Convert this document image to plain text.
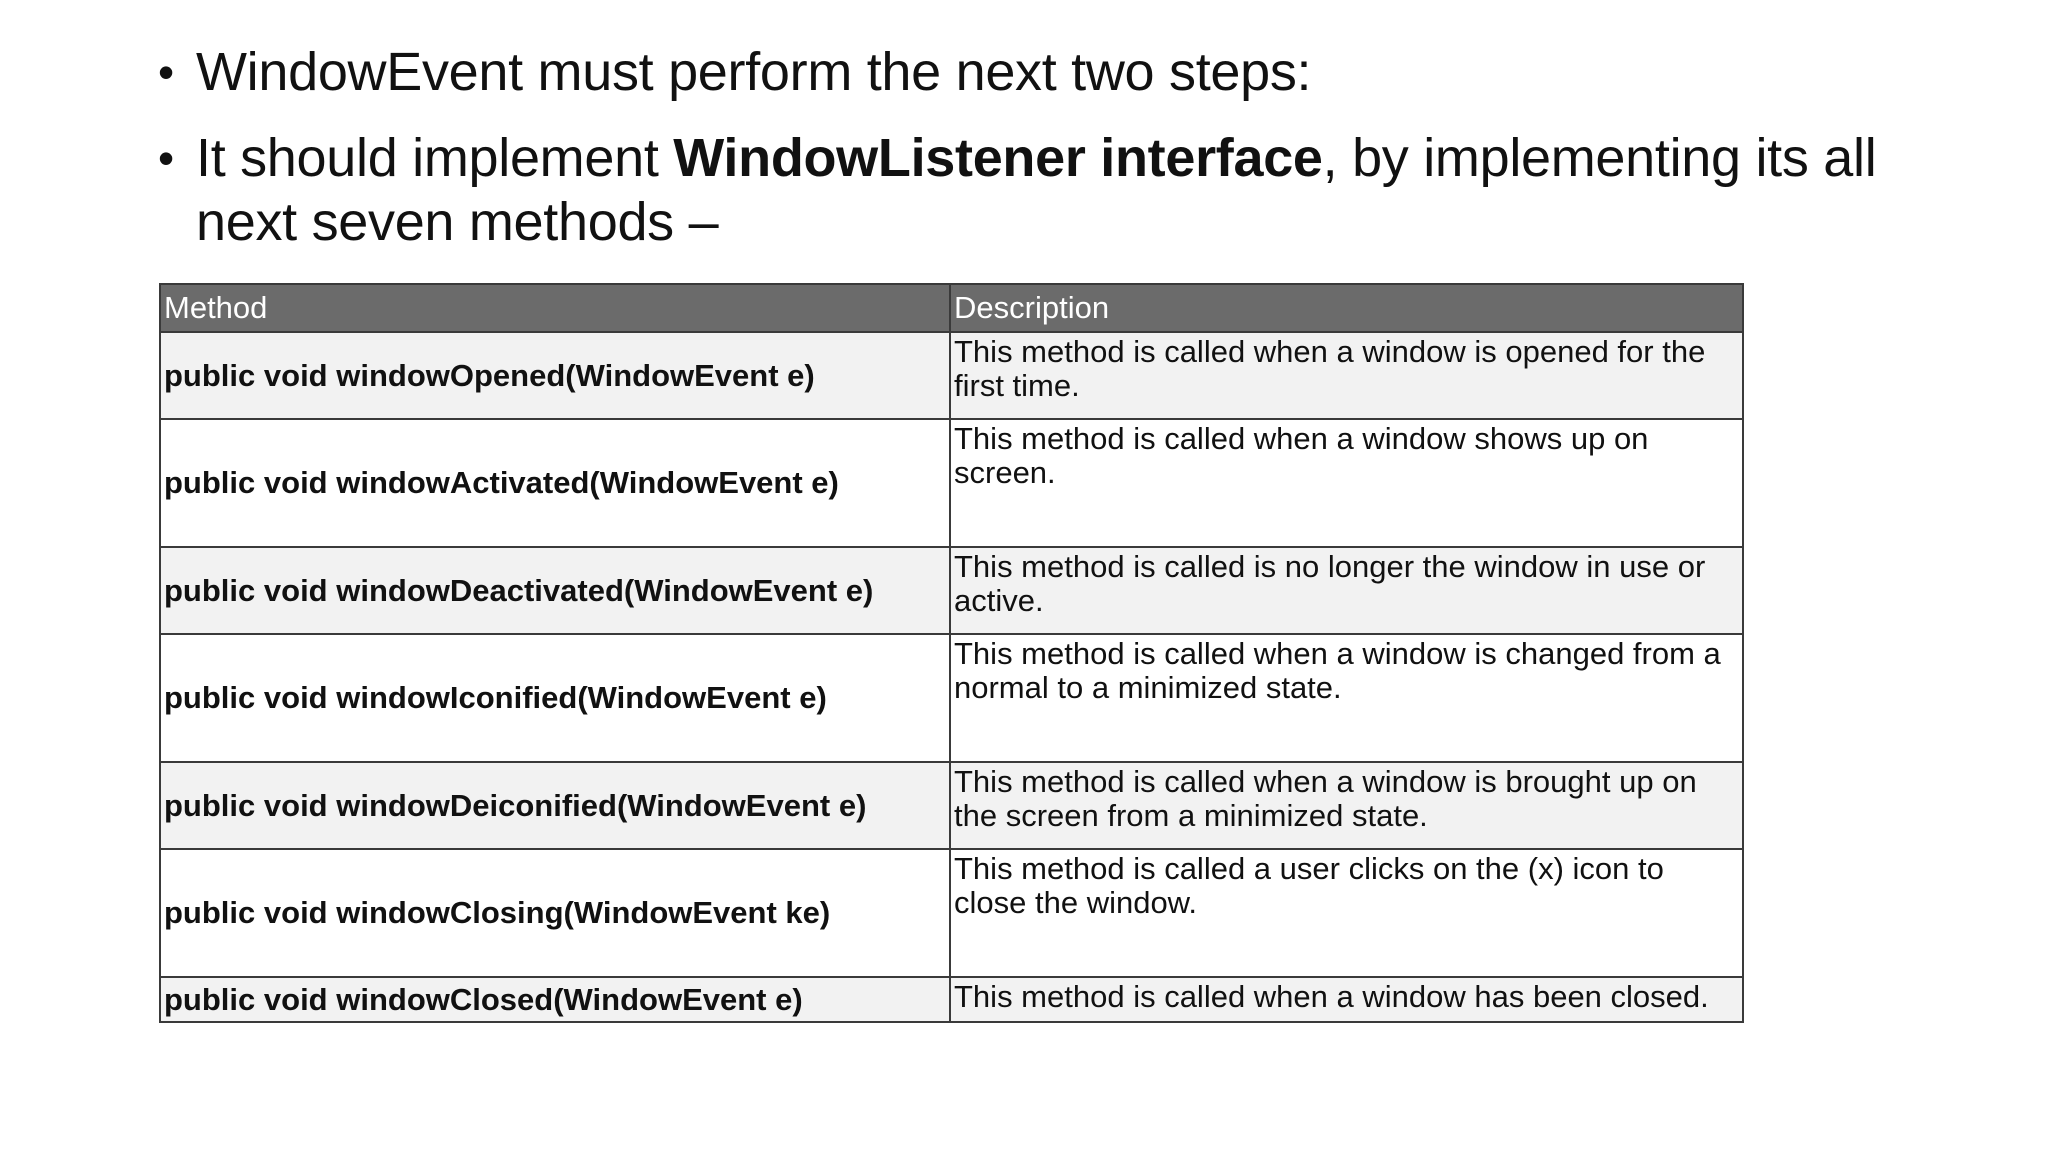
• WindowEvent must perform the next two steps:
• It should implement WindowListener interface, by implementing its all next seven methods –
Method	Description
public void windowOpened(WindowEvent e)	This method is called when a window is opened for the first time.
public void windowActivated(WindowEvent e)	This method is called when a window shows up on screen.
public void windowDeactivated(WindowEvent e)	This method is called is no longer the window in use or active.
public void windowIconified(WindowEvent e)	This method is called when a window is changed from a normal to a minimized state.
public void windowDeiconified(WindowEvent e)	This method is called when a window is brought up on the screen from a minimized state.
public void windowClosing(WindowEvent ke)	This method is called a user clicks on the (x) icon to close the window.
public void windowClosed(WindowEvent e)	This method is called when a window has been closed.
